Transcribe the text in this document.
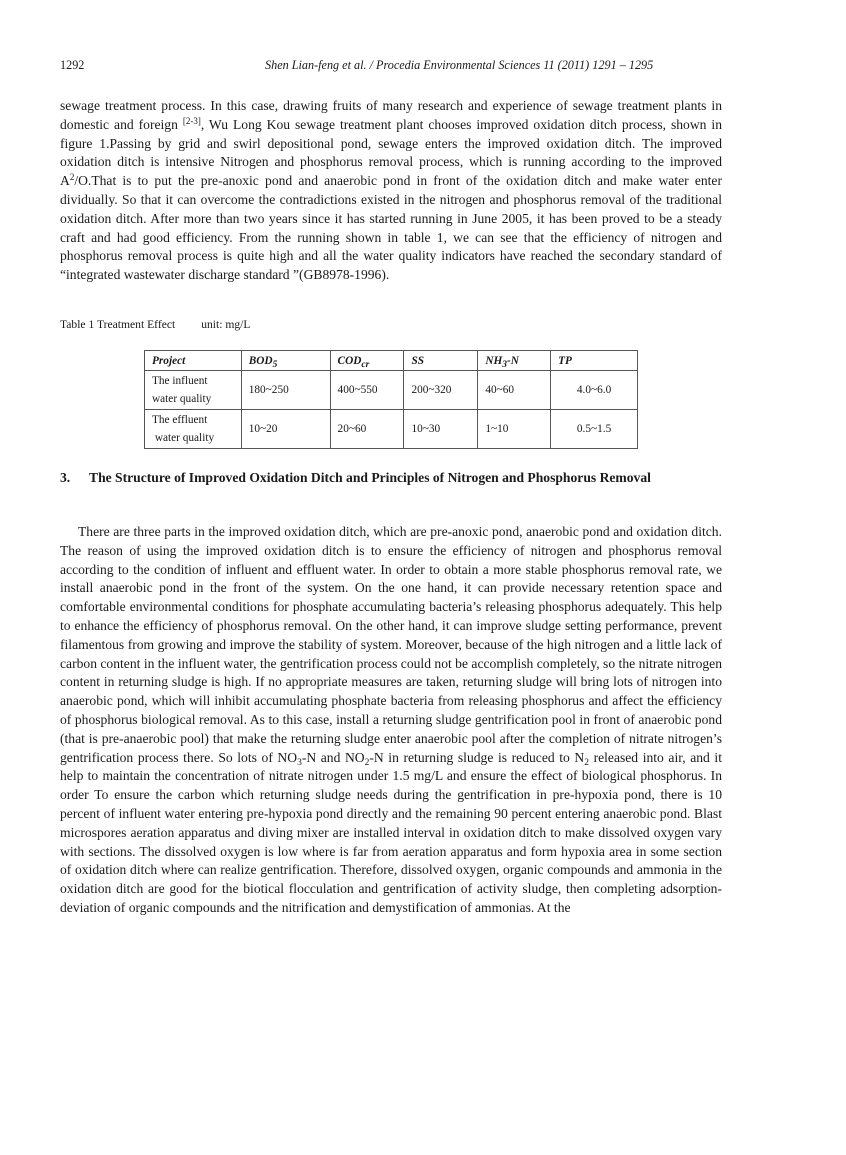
1292	Shen Lian-feng et al. / Procedia Environmental Sciences 11 (2011) 1291 – 1295

sewage treatment process. In this case, drawing fruits of many research and experience of sewage treatment plants in domestic and foreign [2-3], Wu Long Kou sewage treatment plant chooses improved oxidation ditch process, shown in figure 1.Passing by grid and swirl depositional pond, sewage enters the improved oxidation ditch. The improved oxidation ditch is intensive Nitrogen and phosphorus removal process, which is running according to the improved $A^2/O.That$ is to put the pre-anoxic pond and anaerobic pond in front of the oxidation ditch and make water enter dividually. So that it can overcome the contradictions existed in the nitrogen and phosphorus removal of the traditional oxidation ditch. After more than two years since it has started running in June 2005, it has been proved to be a steady craft and had good efficiency. From the running shown in table 1, we can see that the efficiency of nitrogen and phosphorus removal process is quite high and all the water quality indicators have reached the secondary standard of “integrated wastewater discharge standard ”(GB8978-1996).

Table 1 Treatment Effect unit: mg/L
Project	$BOD_5$	$COD_{cr}$	SS	$NH_3-N$	TP
The influent
water quality	180~250	400~550	200~320	40~60	4.0~6.0
The effluent
water quality	10~20	20~60	10~30	1~10	0.5~1.5
3. The Structure of Improved Oxidation Ditch and Principles of Nitrogen and Phosphorus Removal

There are three parts in the improved oxidation ditch, which are pre-anoxic pond, anaerobic pond and oxidation ditch. The reason of using the improved oxidation ditch is to ensure the efficiency of nitrogen and phosphorus removal according to the condition of influent and effluent water. In order to obtain a more stable phosphorus removal rate, we install anaerobic pond in the front of the system. On the one hand, it can provide necessary retention space and comfortable environmental conditions for phosphate accumulating bacteria’s releasing phosphorus adequately. This help to enhance the efficiency of phosphorus removal. On the other hand, it can improve sludge setting performance, prevent filamentous from growing and improve the stability of system. Moreover, because of the high nitrogen and a little lack of carbon content in the influent water, the gentrification process could not be accomplish completely, so the nitrate nitrogen content in returning sludge is high. If no appropriate measures are taken, returning sludge will bring lots of nitrogen into anaerobic pond, which will inhibit accumulating phosphate bacteria from releasing phosphorus and affect the efficiency of phosphorus biological removal. As to this case, install a returning sludge gentrification pool in front of anaerobic pond (that is pre-anaerobic pool) that make the returning sludge enter anaerobic pool after the completion of nitrate nitrogen’s gentrification process there. So lots of $NO_3-N$ and $NO_2-N$ in returning sludge is reduced to $N_2$ released into air, and it help to maintain the concentration of nitrate nitrogen under 1.5 mg/L and ensure the effect of biological phosphorus. In order To ensure the carbon which returning sludge needs during the gentrification in pre-hypoxia pond, there is 10 percent of influent water entering pre-hypoxia pond directly and the remaining 90 percent entering anaerobic pond. Blast microspores aeration apparatus and diving mixer are installed interval in oxidation ditch to make dissolved oxygen vary with sections. The dissolved oxygen is low where is far from aeration apparatus and form hypoxia area in some section of oxidation ditch where can realize gentrification. Therefore, dissolved oxygen, organic compounds and ammonia in the oxidation ditch are good for the biotical flocculation and gentrification of activity sludge, then completing adsorption-deviation of organic compounds and the nitrification and demystification of ammonias. At the
